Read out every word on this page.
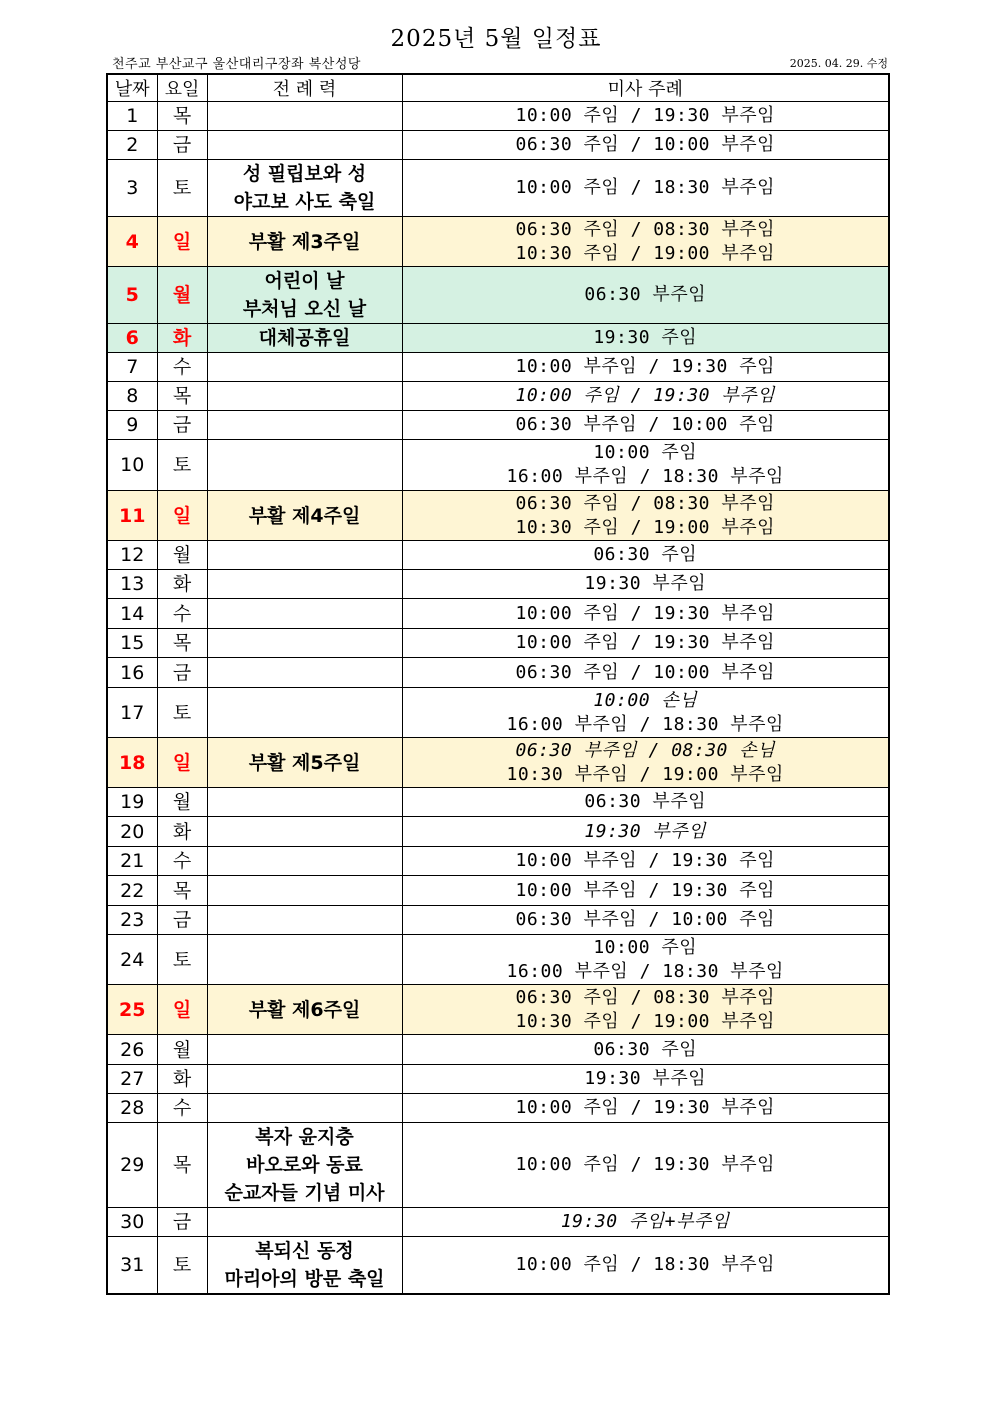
2025년 5월 일정표
천주교 부산교구 울산대리구장좌 복산성당	2025. 04. 29. 수정
날짜	요일	전 례 력	미사 주례
1	목		10:00 주임 / 19:30 부주임

2	금		06:30 주임 / 10:00 부주임

3	토	성 필립보와 성
야고보 사도 축일	10:00 주임 / 18:30 부주임

4	일	부활 제3주일	06:30 주임 / 08:30 부주임
10:30 주임 / 19:00 부주임

5	월	어린이 날
부처님 오신 날	06:30 부주임

6	화	대체공휴일	19:30 주임

7	수		10:00 부주임 / 19:30 주임

8	목		10:00 주임 / 19:30 부주임

9	금		06:30 부주임 / 10:00 주임

10	토		10:00 주임
16:00 부주임 / 18:30 부주임

11	일	부활 제4주일	06:30 주임 / 08:30 부주임
10:30 주임 / 19:00 부주임

12	월		06:30 주임

13	화		19:30 부주임

14	수		10:00 주임 / 19:30 부주임

15	목		10:00 주임 / 19:30 부주임

16	금		06:30 주임 / 10:00 부주임

17	토		10:00 손님
16:00 부주임 / 18:30 부주임

18	일	부활 제5주일	06:30 부주임 / 08:30 손님
10:30 부주임 / 19:00 부주임

19	월		06:30 부주임

20	화		19:30 부주임

21	수		10:00 부주임 / 19:30 주임

22	목		10:00 부주임 / 19:30 주임

23	금		06:30 부주임 / 10:00 주임

24	토		10:00 주임
16:00 부주임 / 18:30 부주임

25	일	부활 제6주일	06:30 주임 / 08:30 부주임
10:30 주임 / 19:00 부주임

26	월		06:30 주임

27	화		19:30 부주임

28	수		10:00 주임 / 19:30 부주임

29	목	복자 윤지충
바오로와 동료
순교자들 기념 미사	10:00 주임 / 19:30 부주임

30	금		19:30 주임+부주임

31	토	복되신 동정
마리아의 방문 축일	10:00 주임 / 18:30 부주임
